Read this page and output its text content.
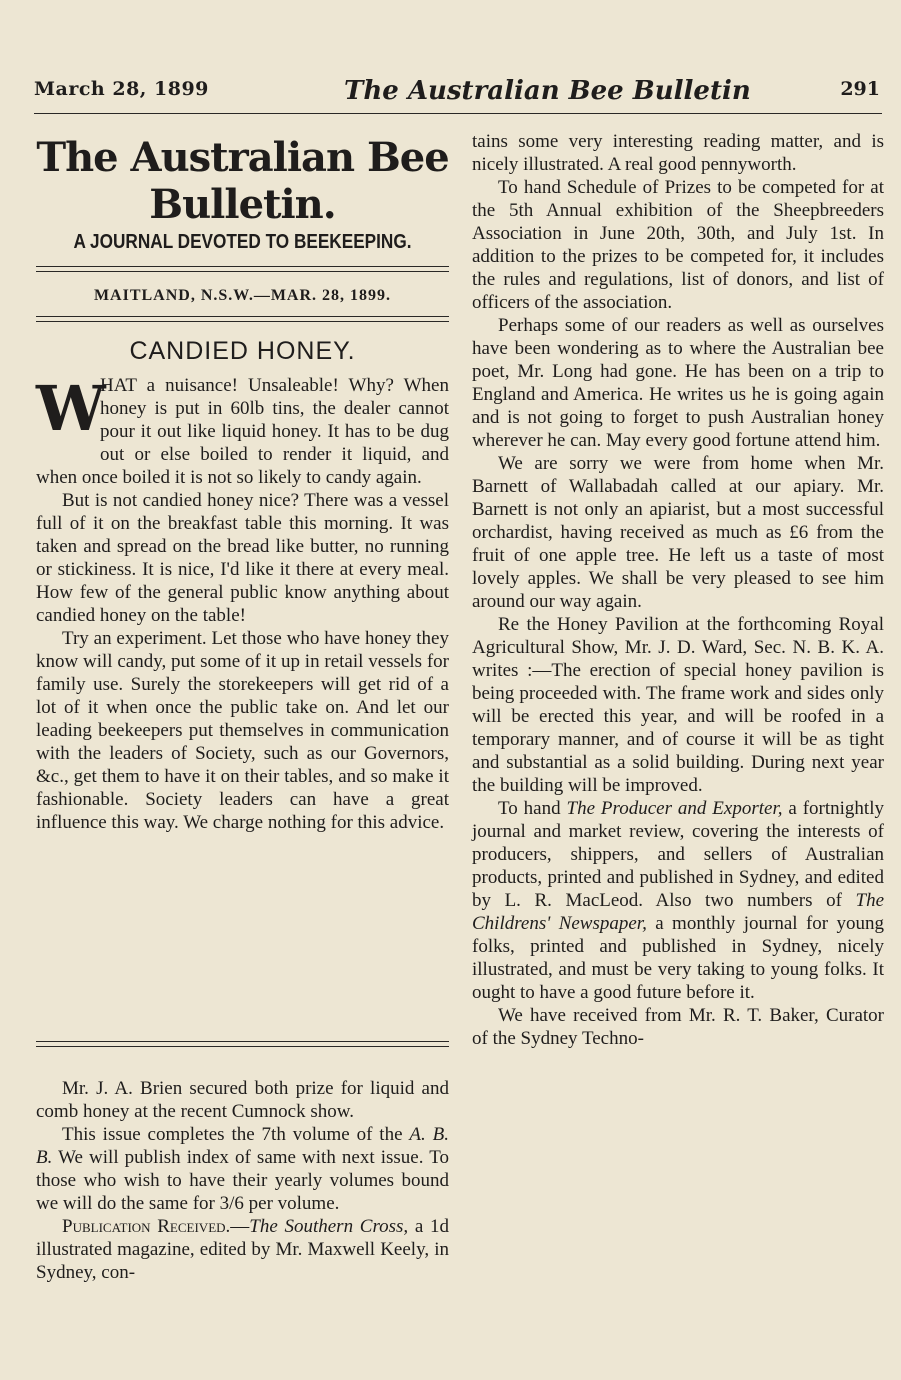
March 28, 1899	The Australian Bee Bulletin	291
The Australian Bee Bulletin.
A JOURNAL DEVOTED TO BEEKEEPING.
MAITLAND, N.S.W.—MAR. 28, 1899.
CANDIED HONEY.
W

HAT a nuisance! Unsaleable! Why? When honey is put in 60lb tins, the dealer cannot pour it out like liquid honey. It has to be dug out or else boiled to render it liquid, and when once boiled it is not so likely to candy again.

But is not candied honey nice? There was a vessel full of it on the breakfast table this morning. It was taken and spread on the bread like butter, no running or stickiness. It is nice, I'd like it there at every meal. How few of the general public know anything about candied honey on the table!

Try an experiment. Let those who have honey they know will candy, put some of it up in retail vessels for family use. Surely the storekeepers will get rid of a lot of it when once the public take on. And let our leading beekeepers put themselves in communication with the leaders of Society, such as our Governors, &c., get them to have it on their tables, and so make it fashionable. Society leaders can have a great influence this way. We charge nothing for this advice.

Mr. J. A. Brien secured both prize for liquid and comb honey at the recent Cumnock show.

This issue completes the 7th volume of the A. B. B. We will publish index of same with next issue. To those who wish to have their yearly volumes bound we will do the same for 3/6 per volume.

Publication Received.—The Southern Cross, a 1d illustrated magazine, edited by Mr. Maxwell Keely, in Sydney, con-

tains some very interesting reading matter, and is nicely illustrated. A real good pennyworth.

To hand Schedule of Prizes to be competed for at the 5th Annual exhibition of the Sheepbreeders Association in June 20th, 30th, and July 1st. In addition to the prizes to be competed for, it includes the rules and regulations, list of donors, and list of officers of the association.

Perhaps some of our readers as well as ourselves have been wondering as to where the Australian bee poet, Mr. Long had gone. He has been on a trip to England and America. He writes us he is going again and is not going to forget to push Australian honey wherever he can. May every good fortune attend him.

We are sorry we were from home when Mr. Barnett of Wallabadah called at our apiary. Mr. Barnett is not only an apiarist, but a most successful orchardist, having received as much as £6 from the fruit of one apple tree. He left us a taste of most lovely apples. We shall be very pleased to see him around our way again.

Re the Honey Pavilion at the forthcoming Royal Agricultural Show, Mr. J. D. Ward, Sec. N. B. K. A. writes :—The erection of special honey pavilion is being proceeded with. The frame work and sides only will be erected this year, and will be roofed in a temporary manner, and of course it will be as tight and substantial as a solid building. During next year the building will be improved.

To hand The Producer and Exporter, a fortnightly journal and market review, covering the interests of producers, shippers, and sellers of Australian products, printed and published in Sydney, and edited by L. R. MacLeod. Also two numbers of The Childrens' Newspaper, a monthly journal for young folks, printed and published in Sydney, nicely illustrated, and must be very taking to young folks. It ought to have a good future before it.

We have received from Mr. R. T. Baker, Curator of the Sydney Techno-
